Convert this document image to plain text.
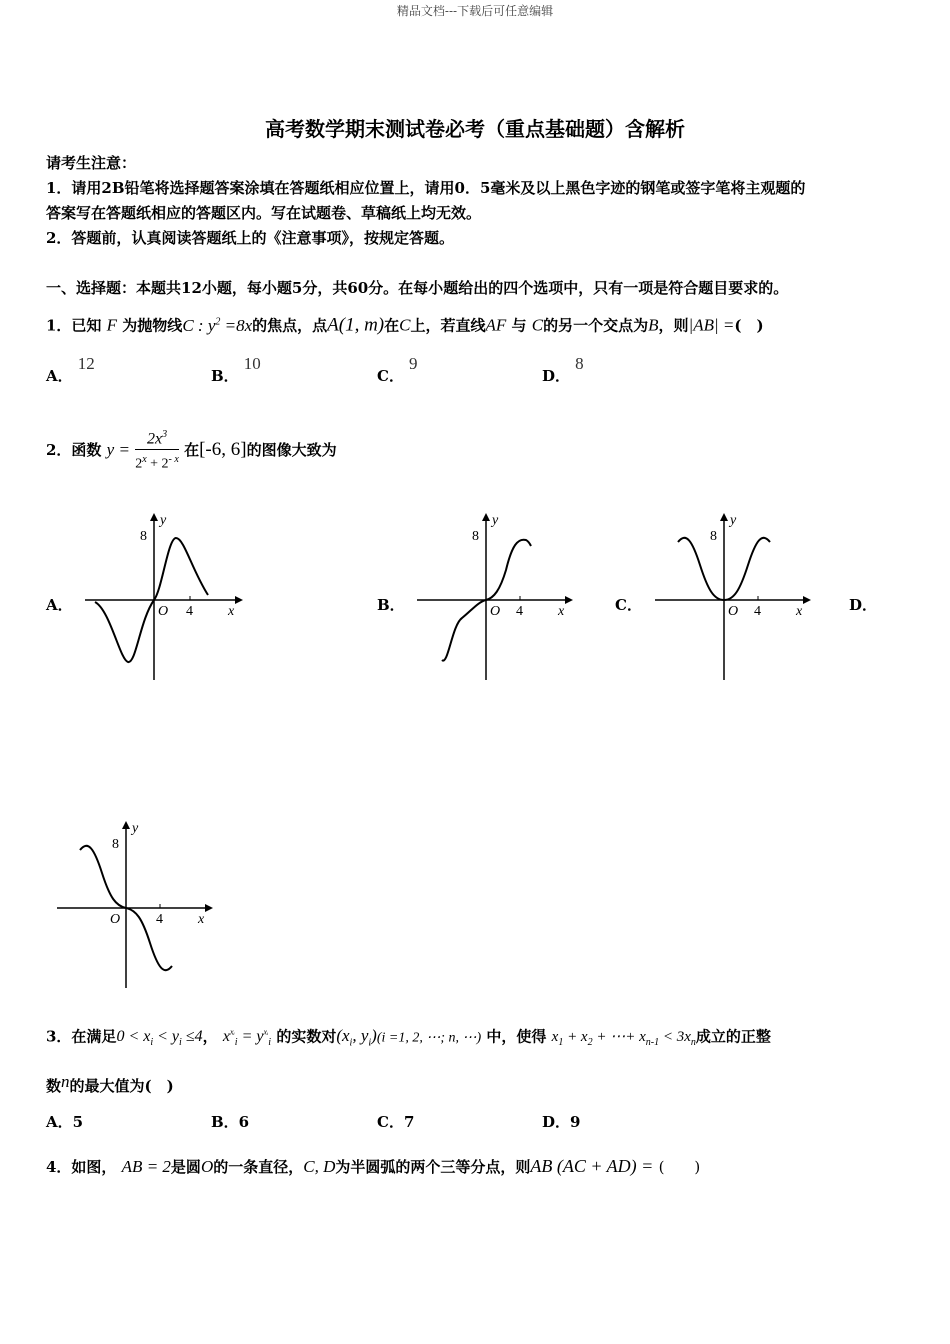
精品文档---下载后可任意编辑
高考数学期末测试卷必考（重点基础题）含解析
请考生注意：
1．请用2B铅笔将选择题答案涂填在答题纸相应位置上，请用0．5毫米及以上黑色字迹的钢笔或签字笔将主观题的
答案写在答题纸相应的答题区内。写在试题卷、草稿纸上均无效。
2．答题前，认真阅读答题纸上的《注意事项》，按规定答题。
一、选择题：本题共12小题，每小题5分，共60分。在每小题给出的四个选项中，只有一项是符合题目要求的。
1．已知 F 为抛物线C : $y^2 =8x$的焦点，点A(1, m)在C上，若直线AF 与 C的另一个交点为B，则|AB| =(　)
A． 12
B． 10
C． 9
D． 8
2．函数 $y = \frac{2x^3}{2^x + 2^{- x}}$ 在[-6, 6]的图像大致为
A．	B．	C．	D．
y
8
O 4	x
y
8
O 4	x
y
8
O 4	x
y
8
O	4	x
3．在满足$0 < x_i < y_i \le 4$， $x^{xᵢ}_i = y^{xᵢ}_i$ 的实数对($x_i$, $y_i)(i =1$, 2, ⋯; n, ⋯) 中，使得 $x_1 + x_2$ + ⋯+ $x_{n-1} < 3x_n$成立的正整
数n的最大值为(　)
A．5	B．6	C．7	D．9
4．如图， AB = 2是圆O的一条直径，C, D为半圆弧的两个三等分点，则AB (AC + AD) = (　　)
